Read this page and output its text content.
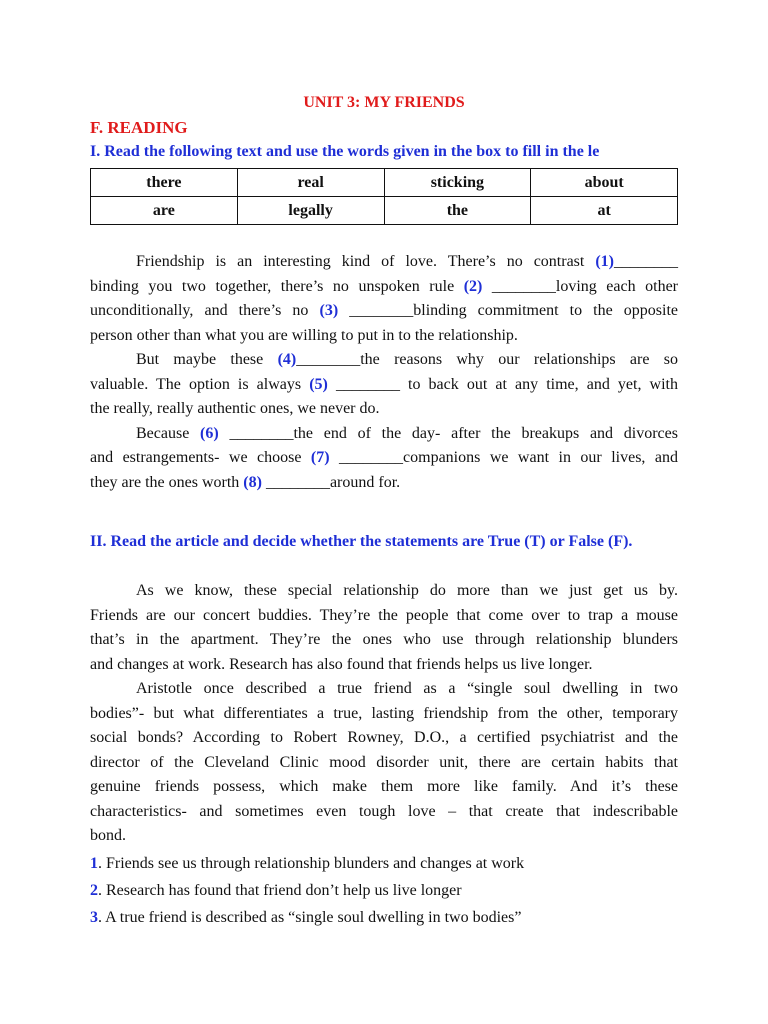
UNIT 3: MY FRIENDS
F. READING
I. Read the following text and use the words given in the box to fill in the le
there	real	sticking	about
are	legally	the	at
Friendship is an interesting kind of love. There’s no contrast (1)________
binding you two together, there’s no unspoken rule (2) ________loving each other
unconditionally, and there’s no (3) ________blinding commitment to the opposite
person other than what you are willing to put in to the relationship.
But maybe these (4)________the reasons why our relationships are so
valuable. The option is always (5) ________ to back out at any time, and yet, with
the really, really authentic ones, we never do.
Because (6) ________the end of the day- after the breakups and divorces
and estrangements- we choose (7) ________companions we want in our lives, and
they are the ones worth (8) ________around for.
II. Read the article and decide whether the statements are True (T) or False (F).
As we know, these special relationship do more than we just get us by.
Friends are our concert buddies. They’re the people that come over to trap a mouse
that’s in the apartment. They’re the ones who use through relationship blunders
and changes at work. Research has also found that friends helps us live longer.
Aristotle once described a true friend as a “single soul dwelling in two
bodies”- but what differentiates a true, lasting friendship from the other, temporary
social bonds? According to Robert Rowney, D.O., a certified psychiatrist and the
director of the Cleveland Clinic mood disorder unit, there are certain habits that
genuine friends possess, which make them more like family. And it’s these
characteristics- and sometimes even tough love – that create that indescribable
bond.
1. Friends see us through relationship blunders and changes at work
2. Research has found that friend don’t help us live longer
3. A true friend is described as “single soul dwelling in two bodies”
